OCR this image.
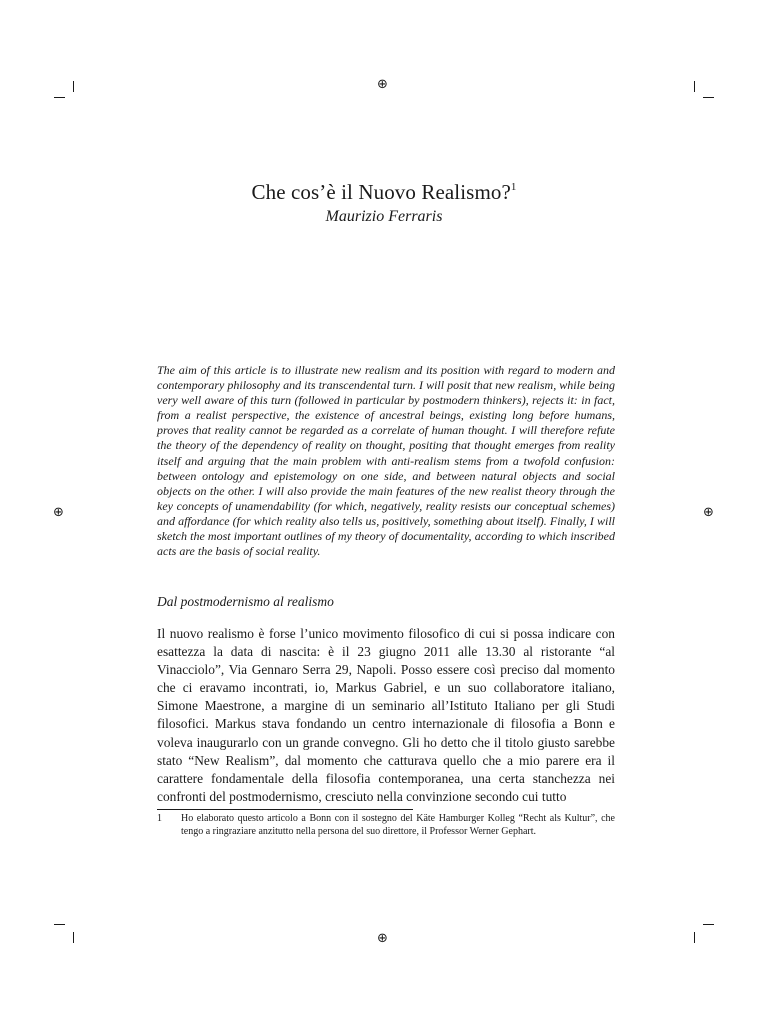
⊕
⊕
⊕	⊕
Che cos’è il Nuovo Realismo?$^1$
Maurizio Ferraris

The aim of this article is to illustrate new realism and its position with regard to modern and contemporary philosophy and its transcendental turn. I will posit that new realism, while being very well aware of this turn (followed in particular by postmodern thinkers), rejects it: in fact, from a realist perspective, the existence of ancestral beings, existing long before humans, proves that reality cannot be regarded as a correlate of human thought. I will therefore refute the theory of the dependency of reality on thought, positing that thought emerges from reality itself and arguing that the main problem with anti-realism stems from a twofold confusion: between ontology and epistemology on one side, and between natural objects and social objects on the other. I will also provide the main features of the new realist theory through the key concepts of unamendability (for which, negatively, reality resists our conceptual schemes) and affordance (for which reality also tells us, positively, something about itself). Finally, I will sketch the most important outlines of my theory of documentality, according to which inscribed acts are the basis of social reality.

Dal postmodernismo al realismo

Il nuovo realismo è forse l’unico movimento filosofico di cui si possa indicare con esattezza la data di nascita: è il 23 giugno 2011 alle 13.30 al ristorante “al Vinacciolo”, Via Gennaro Serra 29, Napoli. Posso essere così preciso dal momento che ci eravamo incontrati, io, Markus Gabriel, e un suo collaboratore italiano, Simone Maestrone, a margine di un seminario all’Istituto Italiano per gli Studi filosofici. Markus stava fondando un centro internazionale di filosofia a Bonn e voleva inaugurarlo con un grande convegno. Gli ho detto che il titolo giusto sarebbe stato “New Realism”, dal momento che catturava quello che a mio parere era il carattere fondamentale della filosofia contemporanea, una certa stanchezza nei confronti del postmodernismo, cresciuto nella convinzione secondo cui tutto

1 Ho elaborato questo articolo a Bonn con il sostegno del Käte Hamburger Kolleg “Recht als Kultur”, che tengo a ringraziare anzitutto nella persona del suo direttore, il Professor Werner Gephart.
